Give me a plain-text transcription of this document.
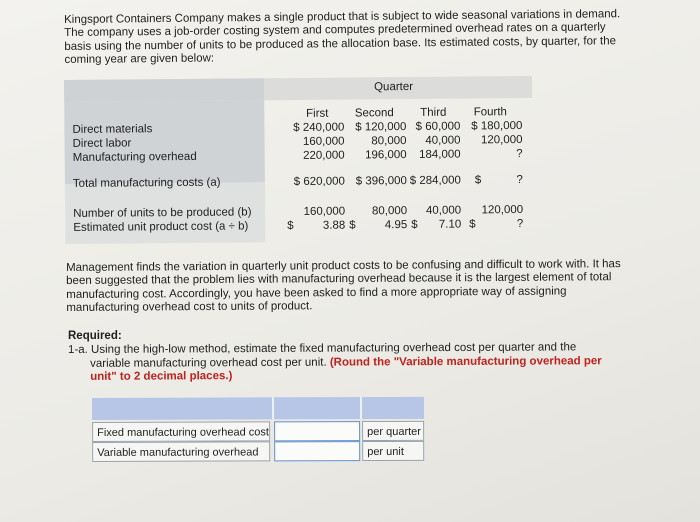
Kingsport Containers Company makes a single product that is subject to wide seasonal variations in demand. The company uses a job-order costing system and computes predetermined overhead rates on a quarterly basis using the number of units to be produced as the allocation base. Its estimated costs, by quarter, for the coming year are given below:
Quarter
First	Second	Third	Fourth
Direct materials	$ 240,000 $ 120,000 $ 60,000 $ 180,000
Direct labor	160,000	80,000	40,000	120,000
Manufacturing overhead	220,000	196,000	184,000	?
Total manufacturing costs (a)	$ 620,000 $ 396,000 $ 284,000 $	?
Number of units to be produced (b)	160,000	80,000	40,000	120,000
Estimated unit product cost (a ÷ b)	$	3.88 $	4.95 $	7.10 $	?
Management finds the variation in quarterly unit product costs to be confusing and difficult to work with. It has been suggested that the problem lies with manufacturing overhead because it is the largest element of total manufacturing cost. Accordingly, you have been asked to find a more appropriate way of assigning manufacturing overhead cost to units of product.
Required:
1-a. Using the high-low method, estimate the fixed manufacturing overhead cost per quarter and the
variable manufacturing overhead cost per unit. (Round the "Variable manufacturing overhead per
unit" to 2 decimal places.)
Fixed manufacturing overhead cost	per quarter
Variable manufacturing overhead	per unit
